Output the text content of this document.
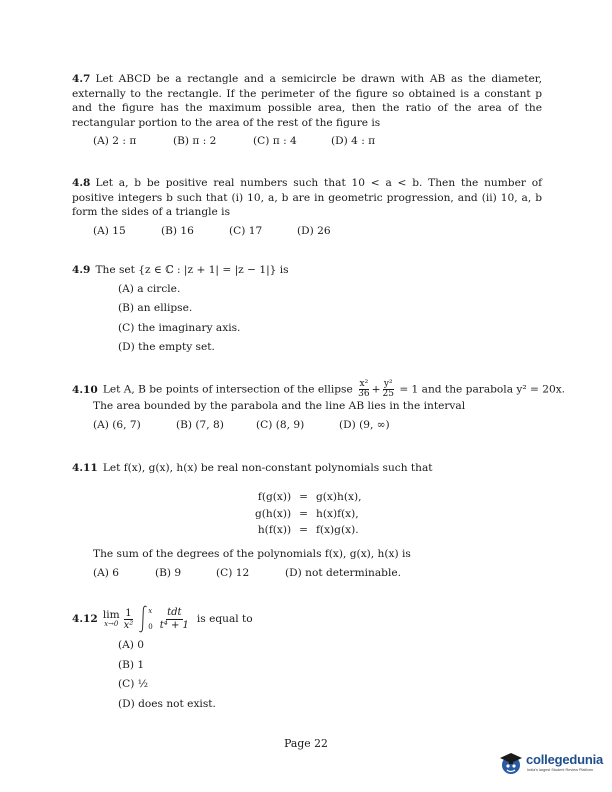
4.7 Let ABCD be a rectangle and a semicircle be drawn with AB as the diameter, externally to the rectangle. If the perimeter of the figure so obtained is a constant p and the figure has the maximum possible area, then the ratio of the area of the rectangular portion to the area of the rest of the figure is
(A) 2 : π	(B) π : 2	(C) π : 4	(D) 4 : π
4.8 Let a, b be positive real numbers such that 10 < a < b. Then the number of positive integers b such that (i) 10, a, b are in geometric progression, and (ii) 10, a, b form the sides of a triangle is
(A) 15	(B) 16	(C) 17	(D) 26
4.9 The set {z ∈ ℂ : |z + 1| = |z − 1|} is
(A) a circle.
(B) an ellipse.
(C) the imaginary axis.
(D) the empty set.
4.10 Let A, B be points of intersection of the ellipse $\frac{\text{x²}}{36} + \frac{\text{y²}}{25} = 1$ and the parabola y² = 20x.
The area bounded by the parabola and the line AB lies in the interval
(A) (6, 7)	(B) (7, 8)	(C) (8, 9)	(D) (9, ∞)
4.11 Let f(x), g(x), h(x) be real non-constant polynomials such that
f(g(x))	=	g(x)h(x),
g(h(x))	=	h(x)f(x),
h(f(x))	=	f(x)g(x).
The sum of the degrees of the polynomials f(x), g(x), h(x) is
(A) 6	(B) 9	(C) 12	(D) not determinable.
4.12 lim
$x\to 0 \frac{1}{\text{x²}}$ x
$0 \frac{\text{tdt}}{\text{t⁴ + 1}}$ is equal to
(A) 0
(B) 1
(C) ½
(D) does not exist.
Page 22
collegedunia
India's largest Student Review Platform
